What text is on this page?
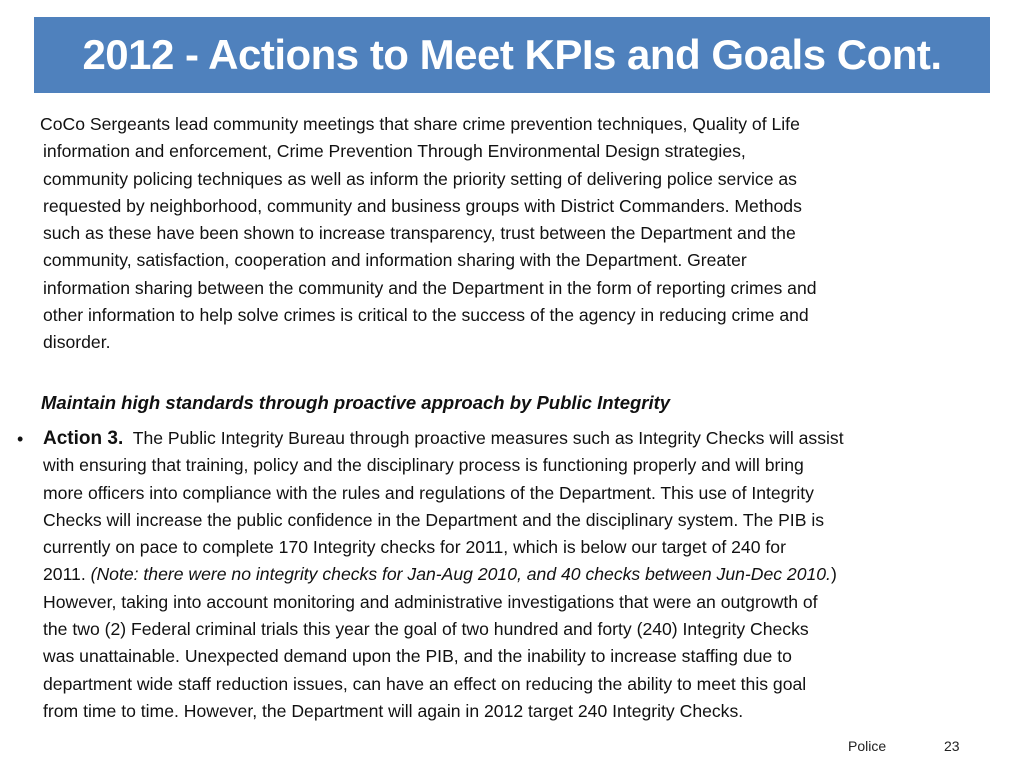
2012 - Actions to Meet KPIs and Goals Cont.
CoCo Sergeants lead community meetings that share crime prevention techniques, Quality of Life
information and enforcement, Crime Prevention Through Environmental Design strategies,
community policing techniques as well as inform the priority setting of delivering police service as
requested by neighborhood, community and business groups with District Commanders. Methods
such as these have been shown to increase transparency, trust between the Department and the
community, satisfaction, cooperation and information sharing with the Department. Greater
information sharing between the community and the Department in the form of reporting crimes and
other information to help solve crimes is critical to the success of the agency in reducing crime and
disorder.
Maintain high standards through proactive approach by Public Integrity
• Action 3.  The Public Integrity Bureau through proactive measures such as Integrity Checks will assist
with ensuring that training, policy and the disciplinary process is functioning properly and will bring
more officers into compliance with the rules and regulations of the Department. This use of Integrity
Checks will increase the public confidence in the Department and the disciplinary system. The PIB is
currently on pace to complete 170 Integrity checks for 2011, which is below our target of 240 for
2011. (Note: there were no integrity checks for Jan-Aug 2010, and 40 checks between Jun-Dec 2010.)
However, taking into account monitoring and administrative investigations that were an outgrowth of
the two (2) Federal criminal trials this year the goal of two hundred and forty (240) Integrity Checks
was unattainable. Unexpected demand upon the PIB, and the inability to increase staffing due to
department wide staff reduction issues, can have an effect on reducing the ability to meet this goal
from time to time. However, the Department will again in 2012 target 240 Integrity Checks.
Police	23
